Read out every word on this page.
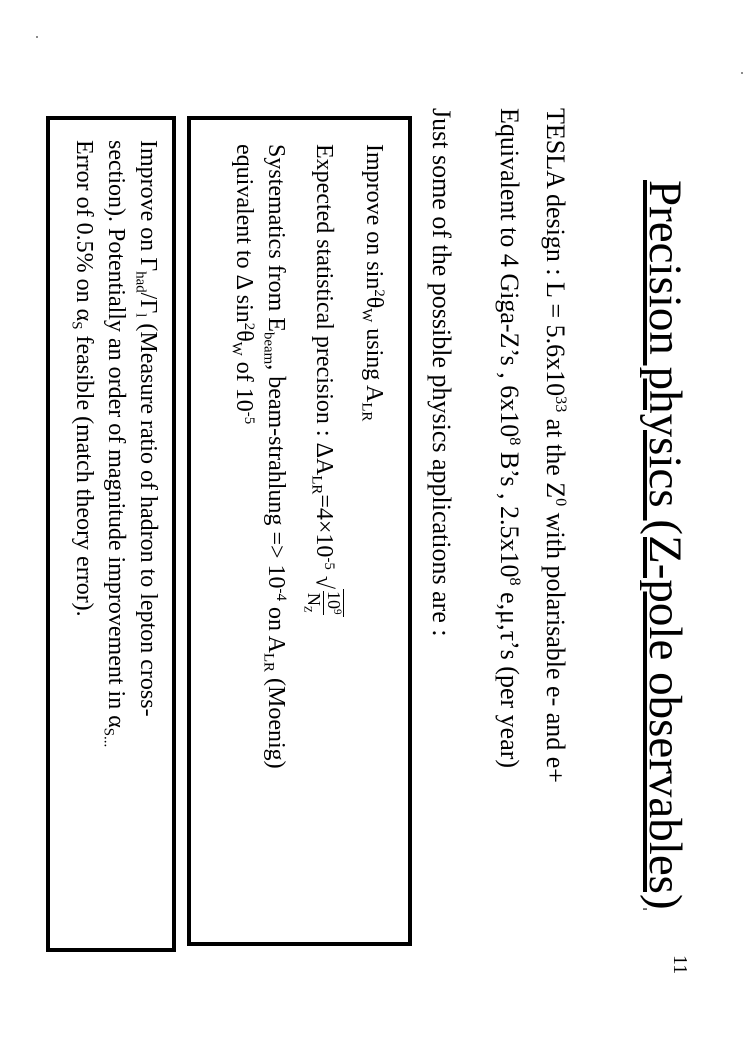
Precision physics (Z-pole observables)
11
TESLA design : $L = 5.6x10^{33}$ at the $Z^0$ with polarisable e- and e+
Equivalent to 4 Giga-Z’s , $6x10^8$ B’s , $2.5x10^8$ e,μ,τ’s (per year)
Just some of the possible physics applications are :
Improve on $\sin^2\theta_W$ using $A_{LR}$
Expected statistical precision : $\Delta A_{LR}=4\times 10^{-5}√$
$10^9$
$N_Z$
Systematics from $E_{beam}$, beam-strahlung => $10^{-4}$ on $A_{LR}$ (Moenig)
equivalent to Δ $\sin^2\theta_W$ of $10^{-5}$
Improve on $\Gamma_{had}/\Gamma_l$ (Measure ratio of hadron to lepton cross-
section). Potentially an order of magnitude improvement in $\alpha_{S...}$
Error of 0.5% on $\alpha_S$ feasible (match theory error).
